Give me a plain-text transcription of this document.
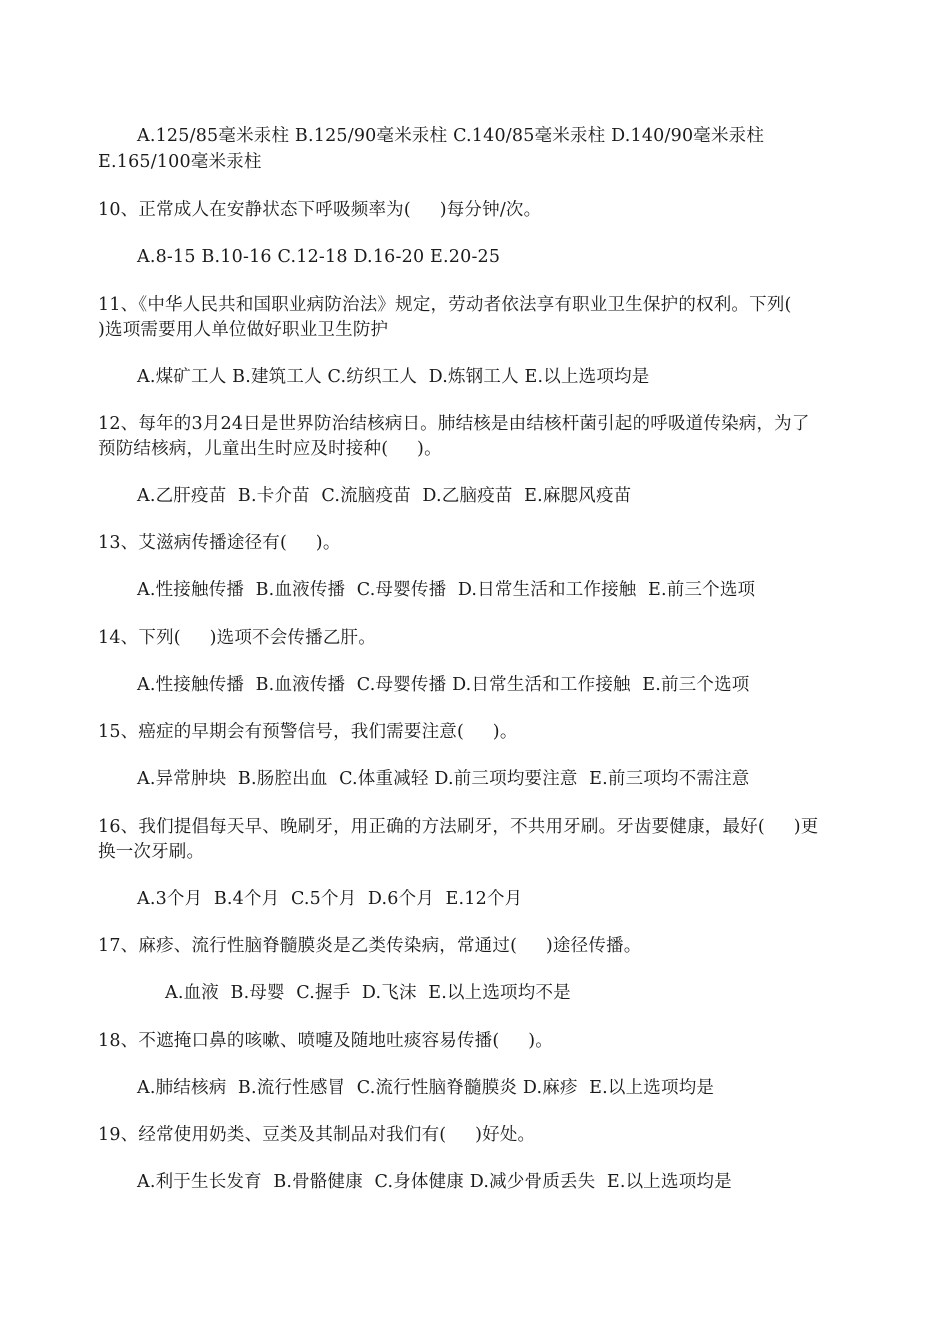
A.125/85毫米汞柱 B.125/90毫米汞柱 C.140/85毫米汞柱 D.140/90毫米汞柱
E.165/100毫米汞柱
10、正常成人在安静状态下呼吸频率为(     )每分钟/次。
A.8-15 B.10-16 C.12-18 D.16-20 E.20-25
11、《中华人民共和国职业病防治法》规定，劳动者依法享有职业卫生保护的权利。下列(
)选项需要用人单位做好职业卫生防护
A.煤矿工人 B.建筑工人 C.纺织工人  D.炼钢工人 E.以上选项均是
12、每年的3月24日是世界防治结核病日。肺结核是由结核杆菌引起的呼吸道传染病，为了
预防结核病，儿童出生时应及时接种(     )。
A.乙肝疫苗  B.卡介苗  C.流脑疫苗  D.乙脑疫苗  E.麻腮风疫苗
13、艾滋病传播途径有(     )。
A.性接触传播  B.血液传播  C.母婴传播  D.日常生活和工作接触  E.前三个选项
14、下列(     )选项不会传播乙肝。
A.性接触传播  B.血液传播  C.母婴传播 D.日常生活和工作接触  E.前三个选项
15、癌症的早期会有预警信号，我们需要注意(     )。
A.异常肿块  B.肠腔出血  C.体重减轻 D.前三项均要注意  E.前三项均不需注意
16、我们提倡每天早、晚刷牙，用正确的方法刷牙，不共用牙刷。牙齿要健康，最好(     )更
换一次牙刷。
A.3个月  B.4个月  C.5个月  D.6个月  E.12个月
17、麻疹、流行性脑脊髓膜炎是乙类传染病，常通过(     )途径传播。
A.血液  B.母婴  C.握手  D.飞沫  E.以上选项均不是
18、不遮掩口鼻的咳嗽、喷嚏及随地吐痰容易传播(     )。
A.肺结核病  B.流行性感冒  C.流行性脑脊髓膜炎 D.麻疹  E.以上选项均是
19、经常使用奶类、豆类及其制品对我们有(     )好处。
A.利于生长发育  B.骨骼健康  C.身体健康 D.减少骨质丢失  E.以上选项均是
